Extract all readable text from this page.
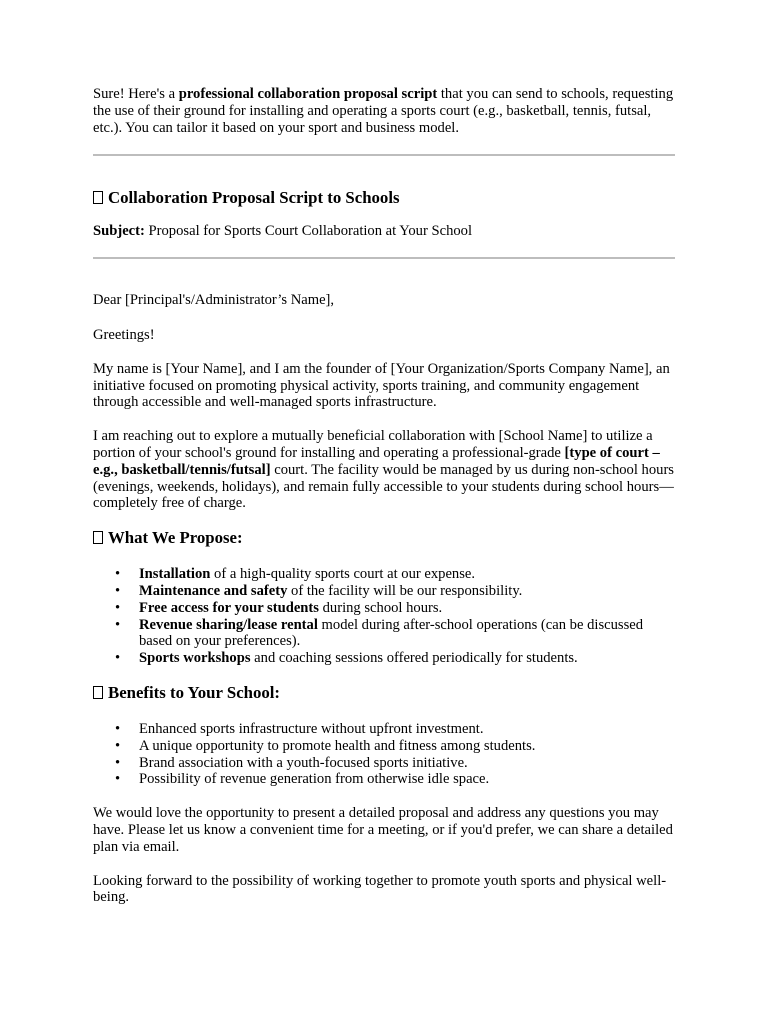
Sure! Here's a professional collaboration proposal script that you can send to schools, requesting the use of their ground for installing and operating a sports court (e.g., basketball, tennis, futsal, etc.). You can tailor it based on your sport and business model.

Collaboration Proposal Script to Schools

Subject: Proposal for Sports Court Collaboration at Your School

Dear [Principal's/Administrator’s Name],

Greetings!

My name is [Your Name], and I am the founder of [Your Organization/Sports Company Name], an initiative focused on promoting physical activity, sports training, and community engagement through accessible and well-managed sports infrastructure.

I am reaching out to explore a mutually beneficial collaboration with [School Name] to utilize a portion of your school's ground for installing and operating a professional-grade [type of court – e.g., basketball/tennis/futsal] court. The facility would be managed by us during non-school hours (evenings, weekends, holidays), and remain fully accessible to your students during school hours—completely free of charge.

What We Propose:
• Installation of a high-quality sports court at our expense.
• Maintenance and safety of the facility will be our responsibility.
• Free access for your students during school hours.
• Revenue sharing/lease rental model during after-school operations (can be discussed based on your preferences).
• Sports workshops and coaching sessions offered periodically for students.
Benefits to Your School:
• Enhanced sports infrastructure without upfront investment.
• A unique opportunity to promote health and fitness among students.
• Brand association with a youth-focused sports initiative.
• Possibility of revenue generation from otherwise idle space.

We would love the opportunity to present a detailed proposal and address any questions you may have. Please let us know a convenient time for a meeting, or if you'd prefer, we can share a detailed plan via email.

Looking forward to the possibility of working together to promote youth sports and physical well-being.
